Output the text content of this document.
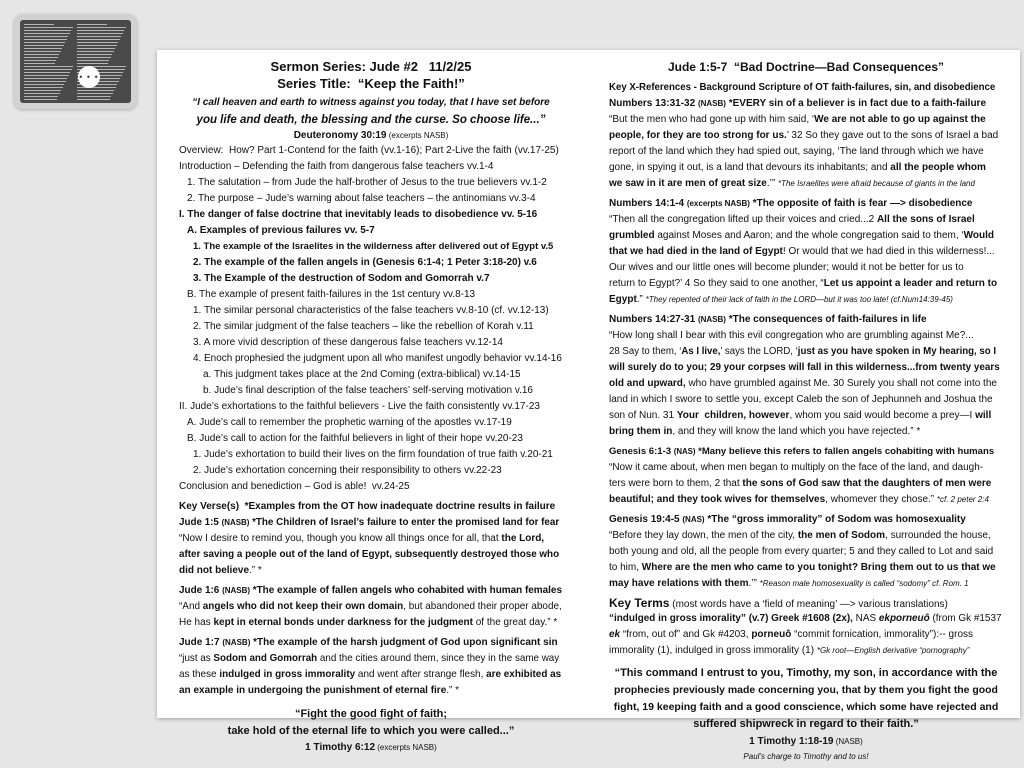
• • •
Sermon Series: Jude #2   11/2/25
Series Title:  “Keep the Faith!”
“I call heaven and earth to witness against you today, that I have set before
you life and death, the blessing and the curse. So choose life...”
Deuteronomy 30:19 (excerpts NASB)
Overview:  How? Part 1-Contend for the faith (vv.1-16); Part 2-Live the faith (vv.17-25)
Introduction – Defending the faith from dangerous false teachers vv.1-4
1. The salutation – from Jude the half-brother of Jesus to the true believers vv.1-2
2. The purpose – Jude’s warning about false teachers – the antinomians vv.3-4
I. The danger of false doctrine that inevitably leads to disobedience vv. 5-16
A. Examples of previous failures vv. 5-7
1. The example of the Israelites in the wilderness after delivered out of Egypt v.5
2. The example of the fallen angels in (Genesis 6:1-4; 1 Peter 3:18-20) v.6
3. The Example of the destruction of Sodom and Gomorrah v.7
B. The example of present faith-failures in the 1st century vv.8-13
1. The similar personal characteristics of the false teachers vv.8-10 (cf. vv.12-13)
2. The similar judgment of the false teachers – like the rebellion of Korah v.11
3. A more vivid description of these dangerous false teachers vv.12-14
4. Enoch prophesied the judgment upon all who manifest ungodly behavior vv.14-16
a. This judgment takes place at the 2nd Coming (extra-biblical) vv.14-15
b. Jude’s final description of the false teachers’ self-serving motivation v.16
II. Jude’s exhortations to the faithful believers - Live the faith consistently vv.17-23
A. Jude’s call to remember the prophetic warning of the apostles vv.17-19
B. Jude’s call to action for the faithful believers in light of their hope vv.20-23
1. Jude’s exhortation to build their lives on the firm foundation of true faith v.20-21
2. Jude’s exhortation concerning their responsibility to others vv.22-23
Conclusion and benediction – God is able!  vv.24-25
Key Verse(s)  *Examples from the OT how inadequate doctrine results in failure
Jude 1:5 (NASB) *The Children of Israel’s failure to enter the promised land for fear
“Now I desire to remind you, though you know all things once for all, that the Lord,
after saving a people out of the land of Egypt, subsequently destroyed those who
did not believe.” *
Jude 1:6 (NASB) *The example of fallen angels who cohabited with human females
“And angels who did not keep their own domain, but abandoned their proper abode,
He has kept in eternal bonds under darkness for the judgment of the great day.” *
Jude 1:7 (NASB) *The example of the harsh judgment of God upon significant sin
“just as Sodom and Gomorrah and the cities around them, since they in the same way
as these indulged in gross immorality and went after strange flesh, are exhibited as
an example in undergoing the punishment of eternal fire.” *
“Fight the good fight of faith;
take hold of the eternal life to which you were called...”
1 Timothy 6:12 (excerpts NASB)
Jude 1:5-7  “Bad Doctrine—Bad Consequences”
Key X-References - Background Scripture of OT faith-failures, sin, and disobedience
Numbers 13:31-32 (NASB) *EVERY sin of a believer is in fact due to a faith-failure
“But the men who had gone up with him said, ‘We are not able to go up against the
people, for they are too strong for us.’ 32 So they gave out to the sons of Israel a bad
report of the land which they had spied out, saying, ‘The land through which we have
gone, in spying it out, is a land that devours its inhabitants; and all the people whom
we saw in it are men of great size.’” *The Israelites were afraid because of giants in the land
Numbers 14:1-4 (excerpts NASB) *The opposite of faith is fear —> disobedience
“Then all the congregation lifted up their voices and cried...2 All the sons of Israel
grumbled against Moses and Aaron; and the whole congregation said to them, ‘Would
that we had died in the land of Egypt! Or would that we had died in this wilderness!...
Our wives and our little ones will become plunder; would it not be better for us to
return to Egypt?’ 4 So they said to one another, “Let us appoint a leader and return to
Egypt.” *They repented of their lack of faith in the LORD—but it was too late! (cf.Num14:39-45)
Numbers 14:27-31 (NASB) *The consequences of faith-failures in life
“How long shall I bear with this evil congregation who are grumbling against Me?...
28 Say to them, ‘As I live,’ says the LORD, ‘just as you have spoken in My hearing, so I
will surely do to you; 29 your corpses will fall in this wilderness...from twenty years
old and upward, who have grumbled against Me. 30 Surely you shall not come into the
land in which I swore to settle you, except Caleb the son of Jephunneh and Joshua the
son of Nun. 31 Your  children, however, whom you said would become a prey—I will
bring them in, and they will know the land which you have rejected.” *
Genesis 6:1-3 (NAS) *Many believe this refers to fallen angels cohabiting with humans
“Now it came about, when men began to multiply on the face of the land, and daugh-
ters were born to them, 2 that the sons of God saw that the daughters of men were
beautiful; and they took wives for themselves, whomever they chose.” *cf. 2 peter 2:4
Genesis 19:4-5 (NAS) *The “gross immorality” of Sodom was homosexuality
“Before they lay down, the men of the city, the men of Sodom, surrounded the house,
both young and old, all the people from every quarter; 5 and they called to Lot and said
to him, Where are the men who came to you tonight? Bring them out to us that we
may have relations with them.’” *Reason male homosexuality is called “sodomy” cf. Rom. 1
Key Terms (most words have a ‘field of meaning’ —> various translations)
“indulged in gross imorality” (v.7) Greek #1608 (2x), NAS ekporneuô (from Gk #1537
ek “from, out of” and Gk #4203, porneuô “commit fornication, immorality”):-- gross
immorality (1), indulged in gross immorality (1) *Gk root—English derivative “pornography”
“This command I entrust to you, Timothy, my son, in accordance with the
prophecies previously made concerning you, that by them you fight the good
fight, 19 keeping faith and a good conscience, which some have rejected and
suffered shipwreck in regard to their faith.”
1 Timothy 1:18-19 (NASB)
Paul’s charge to Timothy and to us!
